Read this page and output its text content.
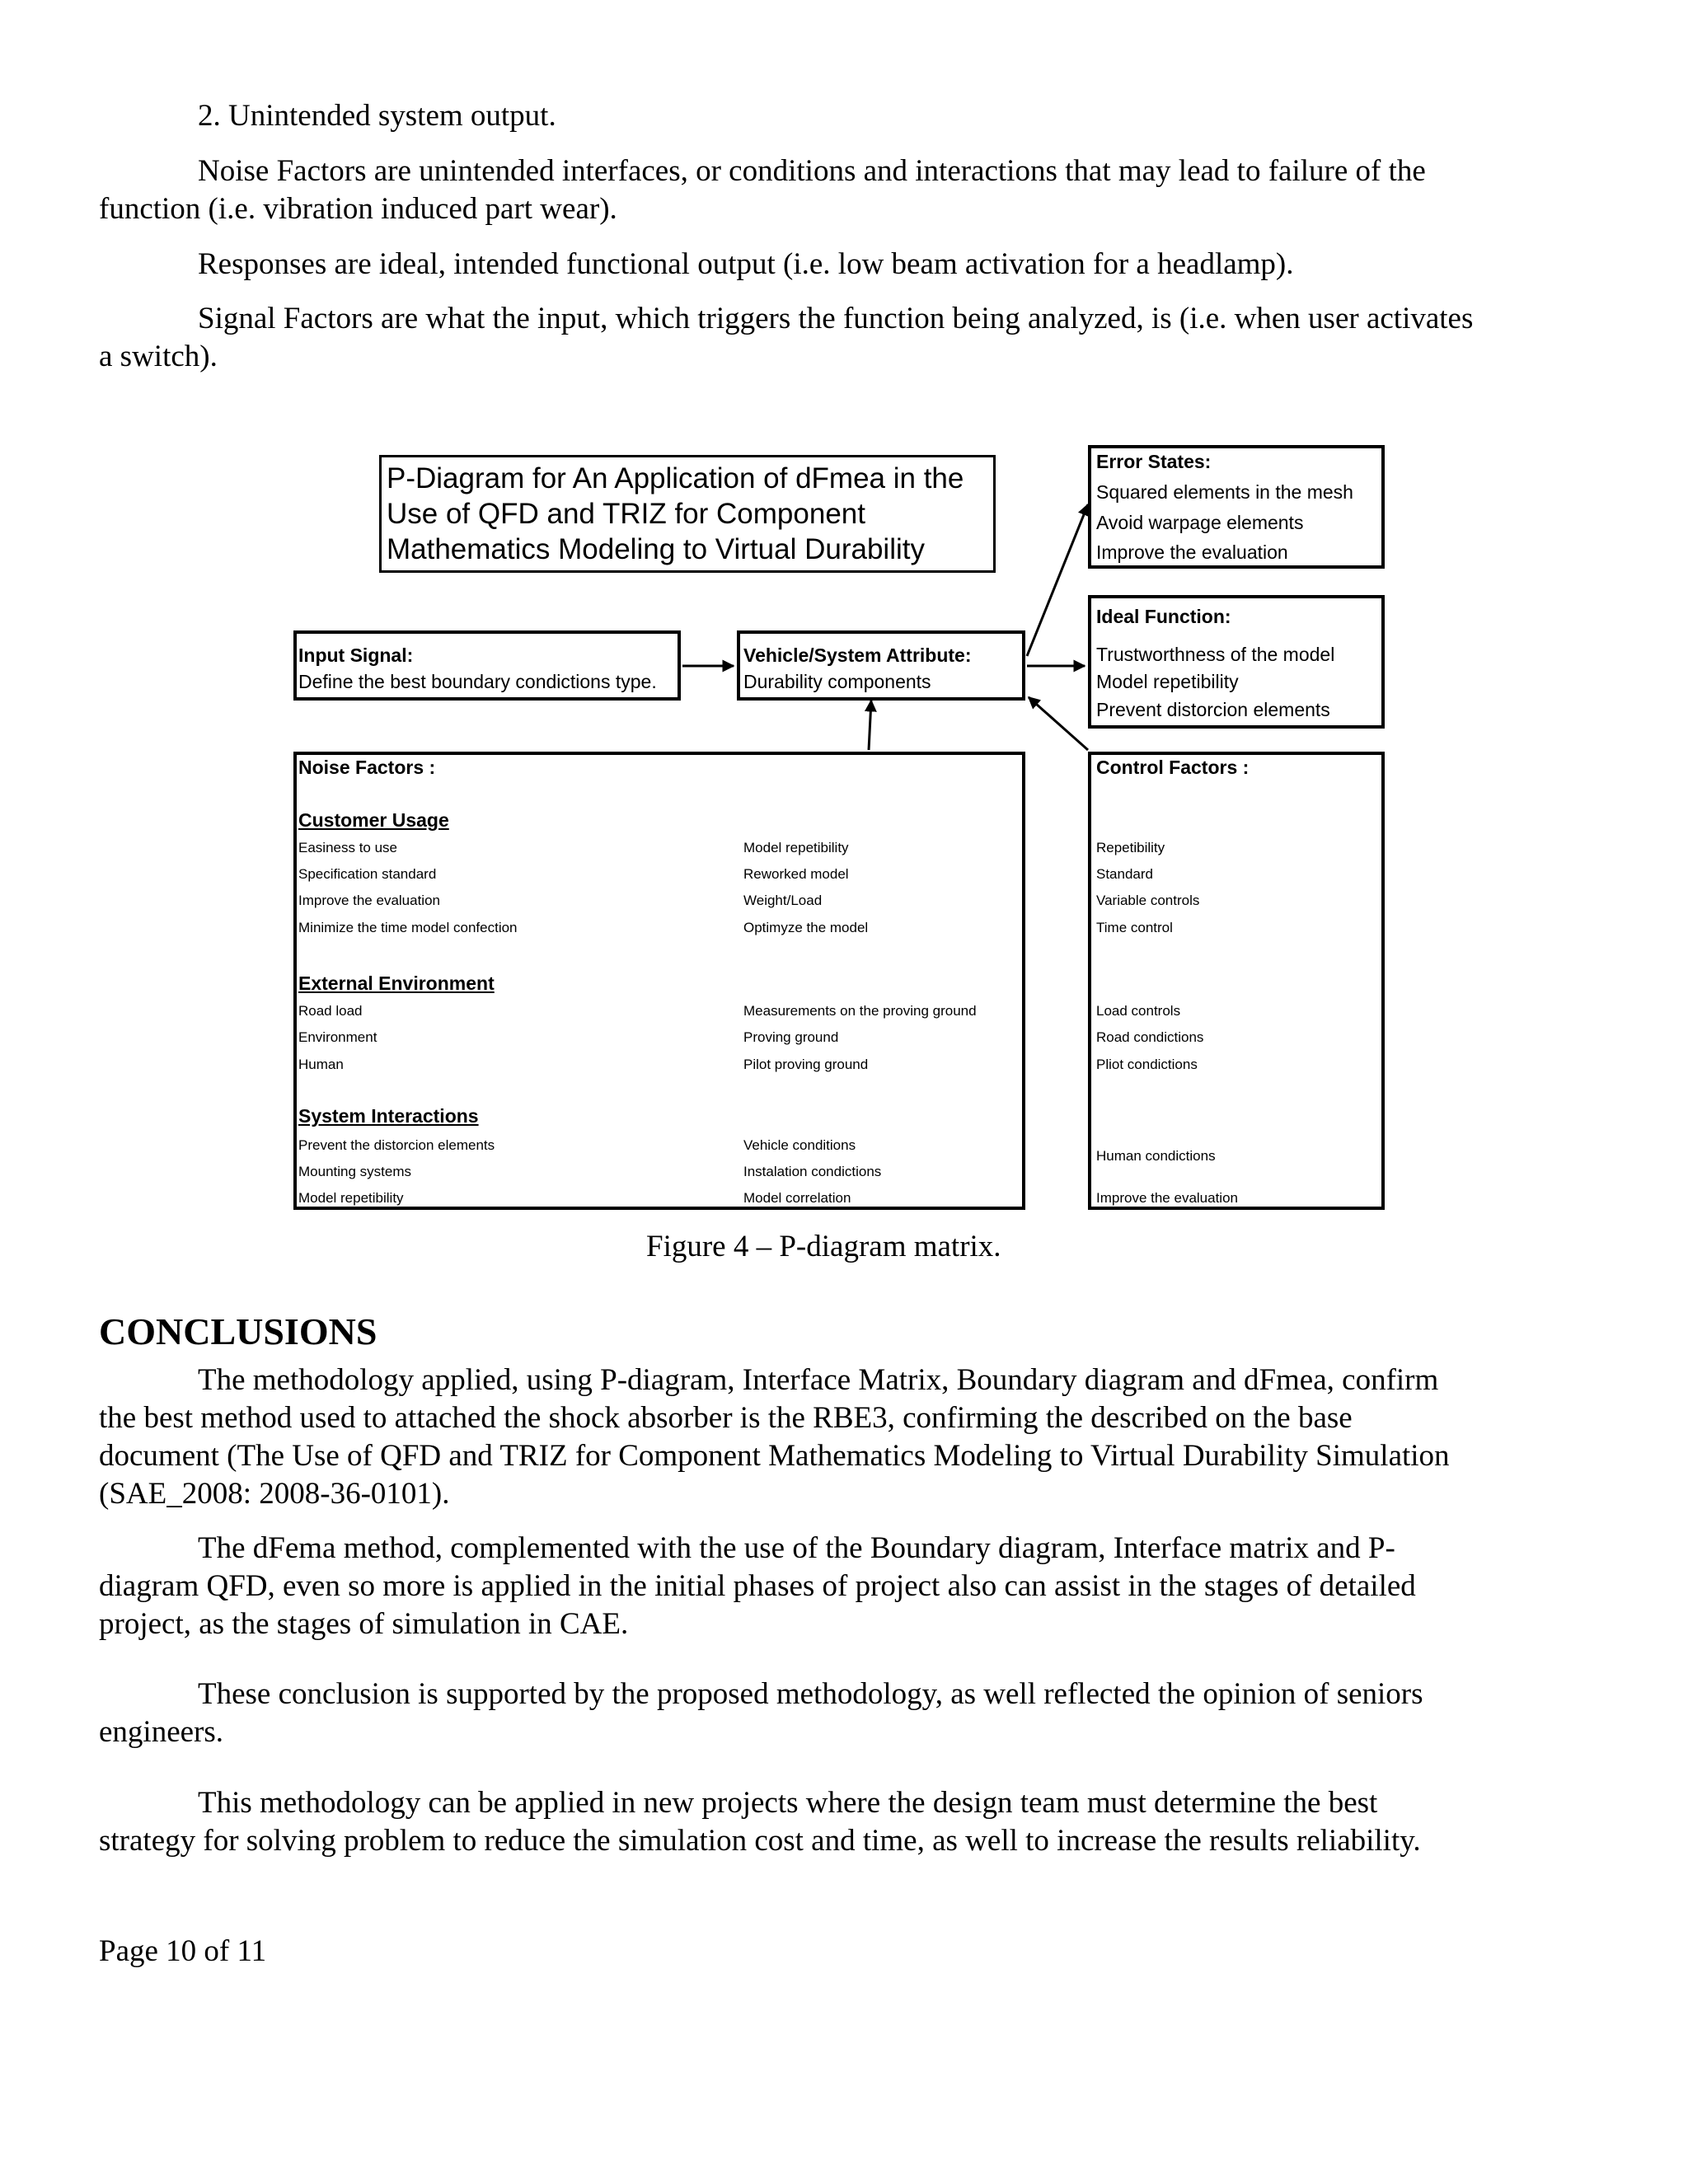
2. Unintended system output.
Noise Factors are unintended interfaces, or conditions and interactions that may lead to failure of the
function (i.e. vibration induced part wear).
Responses are ideal, intended functional output (i.e. low beam activation for a headlamp).
Signal Factors are what the input, which triggers the function being analyzed, is (i.e. when user activates
a switch).
P-Diagram for An Application of dFmea in the
Use of QFD and TRIZ for Component
Mathematics Modeling to Virtual Durability
Error States:
Squared elements in the mesh
Avoid warpage elements
Improve the evaluation
Ideal Function:
Trustworthness of the model
Model repetibility
Prevent distorcion elements
Input Signal:
Define the best boundary condictions type.
Vehicle/System Attribute:
Durability components
Noise Factors :
Customer Usage
Easiness to use
Specification standard
Improve the evaluation
Minimize the time model confection
Model repetibility
Reworked model
Weight/Load
Optimyze the model
External Environment
Road load
Environment
Human
Measurements on the proving ground
Proving ground
Pilot proving ground
System Interactions
Prevent the distorcion elements
Mounting systems
Model repetibility
Vehicle conditions
Instalation condictions
Model correlation
Control Factors :
Repetibility
Standard
Variable controls
Time control
Load controls
Road condictions
Pliot condictions
Human condictions
Improve the evaluation
Figure 4 – P-diagram matrix.
CONCLUSIONS
The methodology applied, using P-diagram, Interface Matrix, Boundary diagram and dFmea, confirm
the best method used to attached the shock absorber is the RBE3, confirming the described on the base
document (The Use of QFD and TRIZ for Component Mathematics Modeling to Virtual Durability Simulation
(SAE_2008: 2008-36-0101).
The dFema method, complemented with the use of the Boundary diagram, Interface matrix and P-
diagram QFD, even so more is applied in the initial phases of project also can assist in the stages of detailed
project, as the stages of simulation in CAE.
These conclusion is supported by the proposed methodology, as well reflected the opinion of seniors
engineers.
This methodology can be applied in new projects where the design team must determine the best
strategy for solving problem to reduce the simulation cost and time, as well to increase the results reliability.
Page 10 of 11
